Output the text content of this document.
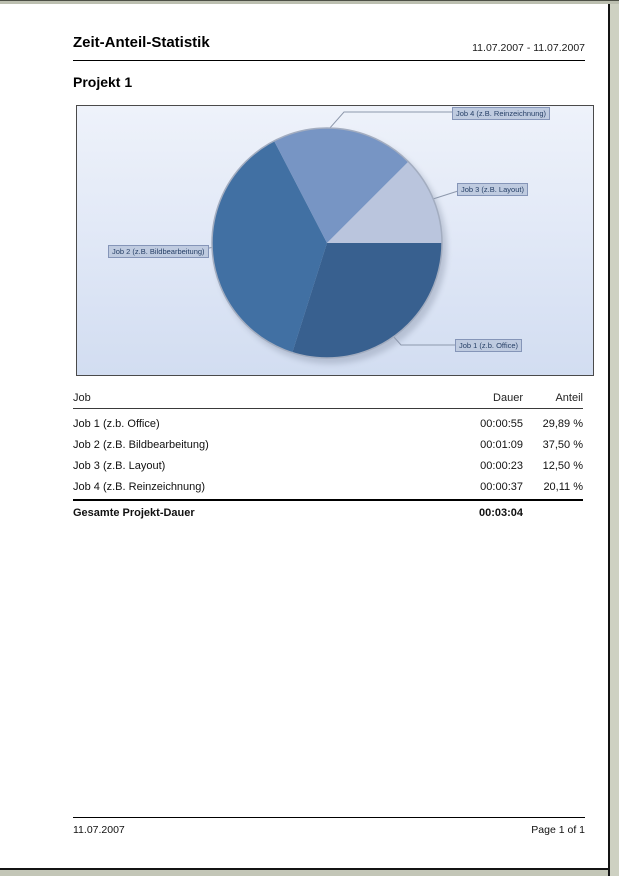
Zeit-Anteil-Statistik	11.07.2007 - 11.07.2007
Projekt 1
Job 4 (z.B. Reinzeichnung)
Job 3 (z.B. Layout)
Job 2 (z.B. Bildbearbeitung)
Job 1 (z.b. Office)
Job	Dauer	Anteil
Job 1 (z.b. Office)	00:00:55	29,89 %
Job 2 (z.B. Bildbearbeitung)	00:01:09	37,50 %
Job 3 (z.B. Layout)	00:00:23	12,50 %
Job 4 (z.B. Reinzeichnung)	00:00:37	20,11 %
Gesamte Projekt-Dauer	00:03:04
11.07.2007	Page 1 of 1
